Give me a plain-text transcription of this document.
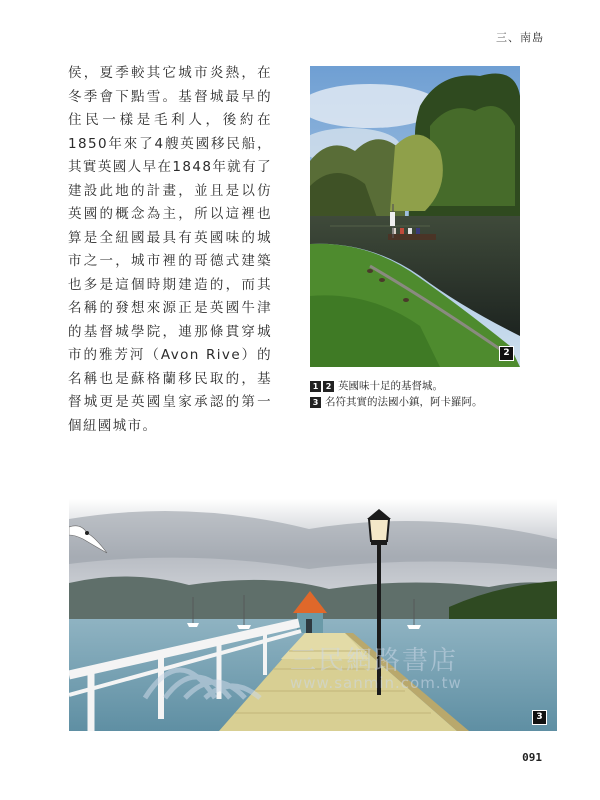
三、南島

侯，夏季較其它城市炎熱，在冬季會下點雪。基督城最早的住民一樣是毛利人，後約在1850年來了4艘英國移民船，其實英國人早在1848年就有了建設此地的計畫，並且是以仿英國的概念為主，所以這裡也算是全紐國最具有英國味的城市之一，城市裡的哥德式建築也多是這個時期建造的，而其名稱的發想來源正是英國牛津的基督城學院，連那條貫穿城市的雅芳河（Avon Rive）的名稱也是蘇格蘭移民取的，基督城更是英國皇家承認的第一個紐國城市。

2
1 2 英國味十足的基督城。
3 名符其實的法國小鎮，阿卡羅阿。
3
三民網路書店
www.sanmin.com.tw
091
